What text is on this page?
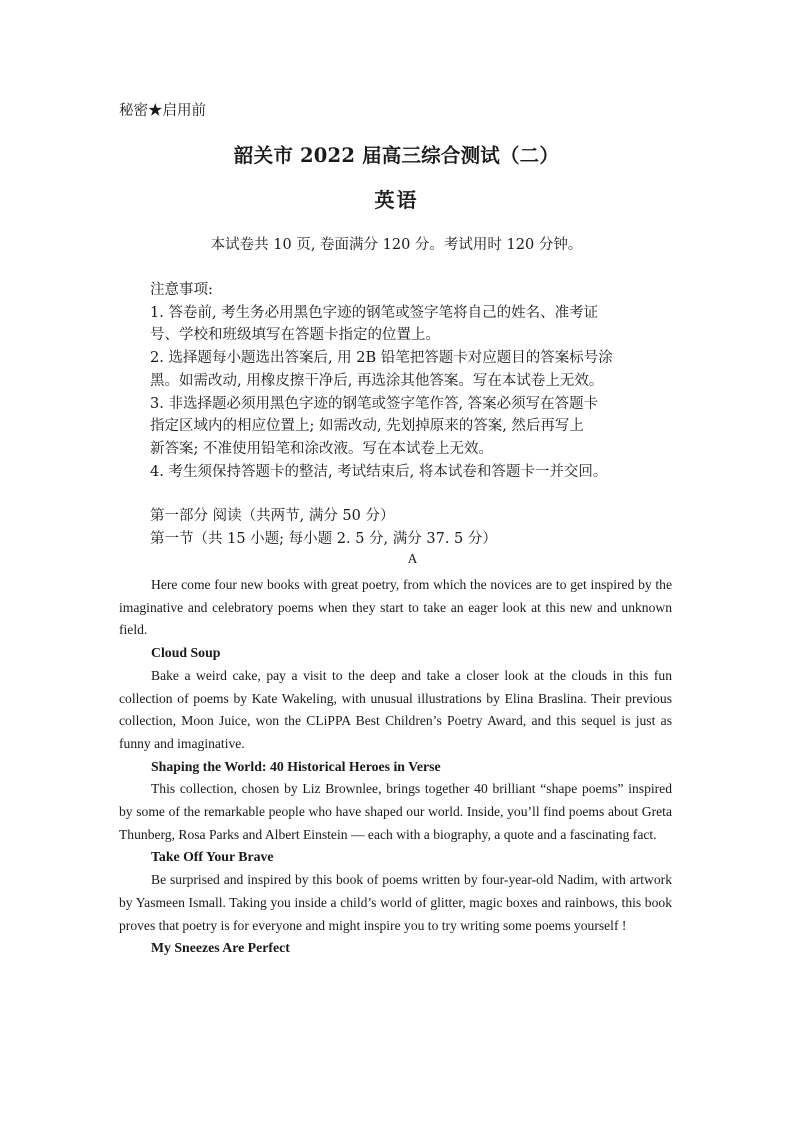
秘密★启用前
韶关市 2022 届高三综合测试（二）
英语
本试卷共 10 页, 卷面满分 120 分。考试用时 120 分钟。
注意事项:
1. 答卷前, 考生务必用黑色字迹的钢笔或签字笔将自己的姓名、准考证
号、学校和班级填写在答题卡指定的位置上。
2. 选择题每小题选出答案后, 用 2B 铅笔把答题卡对应题目的答案标号涂
黑。如需改动, 用橡皮擦干净后, 再选涂其他答案。写在本试卷上无效。
3. 非选择题必须用黑色字迹的钢笔或签字笔作答, 答案必须写在答题卡
指定区域内的相应位置上; 如需改动, 先划掉原来的答案, 然后再写上
新答案; 不准使用铅笔和涂改液。写在本试卷上无效。
4. 考生须保持答题卡的整洁, 考试结束后, 将本试卷和答题卡一并交回。
第一部分 阅读（共两节, 满分 50 分）
第一节（共 15 小题; 每小题 2. 5 分, 满分 37. 5 分）
A

Here come four new books with great poetry, from which the novices are to get inspired by the imaginative and celebratory poems when they start to take an eager look at this new and unknown field.

Cloud Soup

Bake a weird cake, pay a visit to the deep and take a closer look at the clouds in this fun collection of poems by Kate Wakeling, with unusual illustrations by Elina Braslina. Their previous collection, Moon Juice, won the CLiPPA Best Children’s Poetry Award, and this sequel is just as funny and imaginative.

Shaping the World: 40 Historical Heroes in Verse

This collection, chosen by Liz Brownlee, brings together 40 brilliant “shape poems” inspired by some of the remarkable people who have shaped our world. Inside, you’ll find poems about Greta Thunberg, Rosa Parks and Albert Einstein — each with a biography, a quote and a fascinating fact.

Take Off Your Brave

Be surprised and inspired by this book of poems written by four-year-old Nadim, with artwork by Yasmeen Ismall. Taking you inside a child’s world of glitter, magic boxes and rainbows, this book proves that poetry is for everyone and might inspire you to try writing some poems yourself !

My Sneezes Are Perfect
